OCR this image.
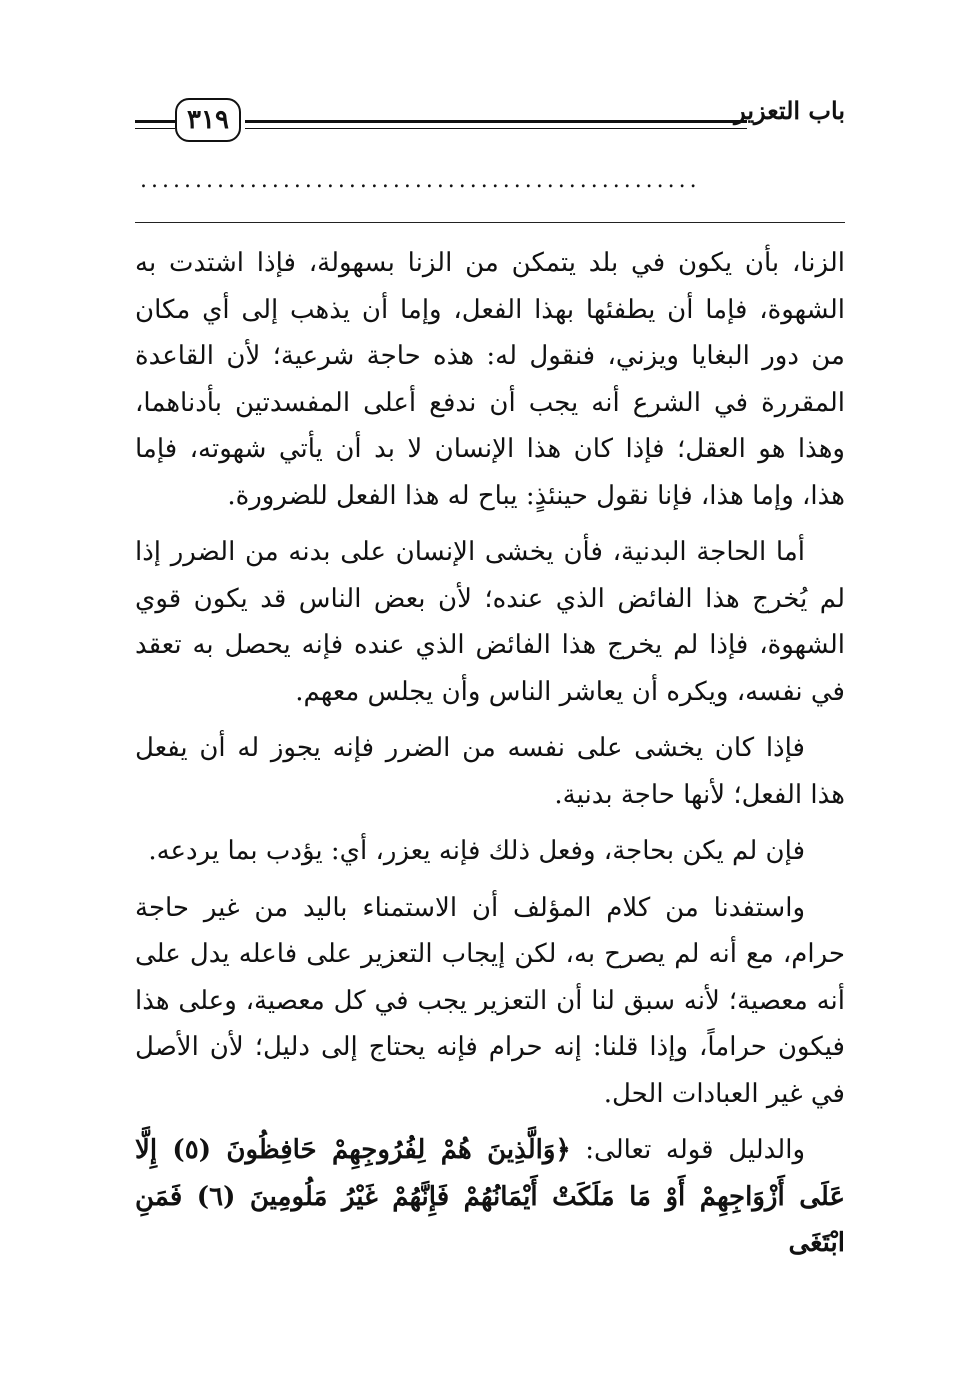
باب التعزير
٣١٩
...................................................

الزنا، بأن يكون في بلد يتمكن من الزنا بسهولة، فإذا اشتدت به الشهوة، فإما أن يطفئها بهذا الفعل، وإما أن يذهب إلى أي مكان من دور البغايا ويزني، فنقول له: هذه حاجة شرعية؛ لأن القاعدة المقررة في الشرع أنه يجب أن ندفع أعلى المفسدتين بأدناهما، وهذا هو العقل؛ فإذا كان هذا الإنسان لا بد أن يأتي شهوته، فإما هذا، وإما هذا، فإنا نقول حينئذٍ: يباح له هذا الفعل للضرورة.

أما الحاجة البدنية، فأن يخشى الإنسان على بدنه من الضرر إذا لم يُخرج هذا الفائض الذي عنده؛ لأن بعض الناس قد يكون قوي الشهوة، فإذا لم يخرج هذا الفائض الذي عنده فإنه يحصل به تعقد في نفسه، ويكره أن يعاشر الناس وأن يجلس معهم.

فإذا كان يخشى على نفسه من الضرر فإنه يجوز له أن يفعل هذا الفعل؛ لأنها حاجة بدنية.

فإن لم يكن بحاجة، وفعل ذلك فإنه يعزر، أي: يؤدب بما يردعه.

واستفدنا من كلام المؤلف أن الاستمناء باليد من غير حاجة حرام، مع أنه لم يصرح به، لكن إيجاب التعزير على فاعله يدل على أنه معصية؛ لأنه سبق لنا أن التعزير يجب في كل معصية، وعلى هذا فيكون حراماً، وإذا قلنا: إنه حرام فإنه يحتاج إلى دليل؛ لأن الأصل في غير العبادات الحل.

والدليل قوله تعالى: ﴿وَالَّذِينَ هُمْ لِفُرُوجِهِمْ حَافِظُونَ (٥) إِلَّا عَلَى أَزْوَاجِهِمْ أَوْ مَا مَلَكَتْ أَيْمَانُهُمْ فَإِنَّهُمْ غَيْرُ مَلُومِينَ (٦) فَمَنِ ابْتَغَى
